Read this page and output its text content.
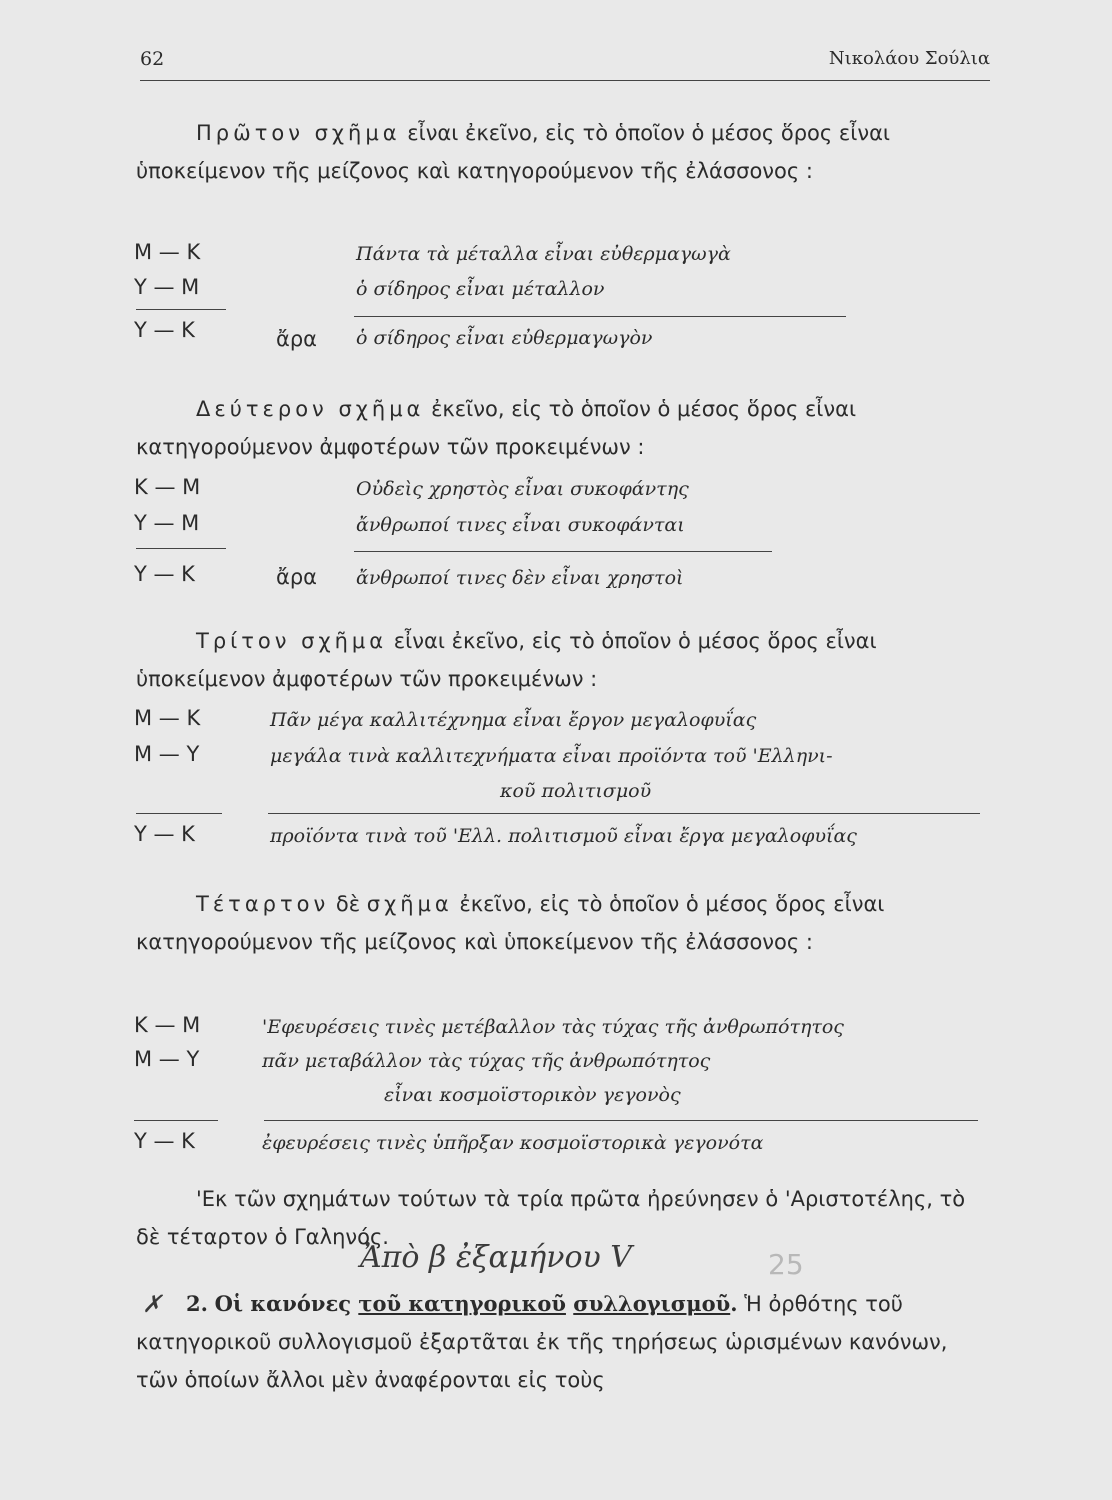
62	Νικολάου Σούλια

Πρῶτον σχῆμα εἶναι ἐκεῖνο, εἰς τὸ ὁποῖον ὁ μέσος ὅρος εἶναι ὑποκείμενον τῆς μείζονος καὶ κατηγορούμενον τῆς ἐλάσσονος :

Μ — Κ	Πάντα τὰ μέταλλα εἶναι εὐθερμαγωγὰ
Υ — Μ	ὁ σίδηρος εἶναι μέταλλον
Υ — Κ	ἄρα ὁ σίδηρος εἶναι εὐθερμαγωγὸν

Δεύτερον σχῆμα ἐκεῖνο, εἰς τὸ ὁποῖον ὁ μέσος ὅρος εἶναι κατηγορούμενον ἀμφοτέρων τῶν προκειμένων :

Κ — Μ	Οὐδεὶς χρηστὸς εἶναι συκοφάντης
Υ — Μ	ἄνθρωποί τινες εἶναι συκοφάνται
Υ — Κ	ἄρα ἄνθρωποί τινες δὲν εἶναι χρηστοὶ

Τρίτον σχῆμα εἶναι ἐκεῖνο, εἰς τὸ ὁποῖον ὁ μέσος ὅρος εἶναι ὑποκείμενον ἀμφοτέρων τῶν προκειμένων :

Μ — Κ	Πᾶν μέγα καλλιτέχνημα εἶναι ἔργον μεγαλοφυΐας
Μ — Υ	μεγάλα τινὰ καλλιτεχνήματα εἶναι προϊόντα τοῦ 'Ελληνι-
κοῦ πολιτισμοῦ
Υ — Κ	προϊόντα τινὰ τοῦ 'Ελλ. πολιτισμοῦ εἶναι ἔργα μεγαλοφυΐας

Τέταρτον δὲ σχῆμα ἐκεῖνο, εἰς τὸ ὁποῖον ὁ μέσος ὅρος εἶναι κατηγορούμενον τῆς μείζονος καὶ ὑποκείμενον τῆς ἐλάσσονος :

Κ — Μ	'Εφευρέσεις τινὲς μετέβαλλον τὰς τύχας τῆς ἀνθρωπότητος
Μ — Υ	πᾶν μεταβάλλον τὰς τύχας τῆς ἀνθρωπότητος
εἶναι κοσμοϊστορικὸν γεγονὸς
Υ — Κ	ἐφευρέσεις τινὲς ὑπῆρξαν κοσμοϊστορικὰ γεγονότα

'Εκ τῶν σχημάτων τούτων τὰ τρία πρῶτα ἠρεύνησεν ὁ 'Αριστοτέλης, τὸ δὲ τέταρτον ὁ Γαληνός.

Ἀπὸ β ἐξαμήνου V	25
✗	2. Οἱ κανόνες τοῦ κατηγορικοῦ συλλογισμοῦ. Ἡ ὀρθότης τοῦ κατηγορικοῦ συλλογισμοῦ ἐξαρτᾶται ἐκ τῆς τηρήσεως ὡρισμένων κανόνων, τῶν ὁποίων ἄλλοι μὲν ἀναφέρονται εἰς τοὺς
